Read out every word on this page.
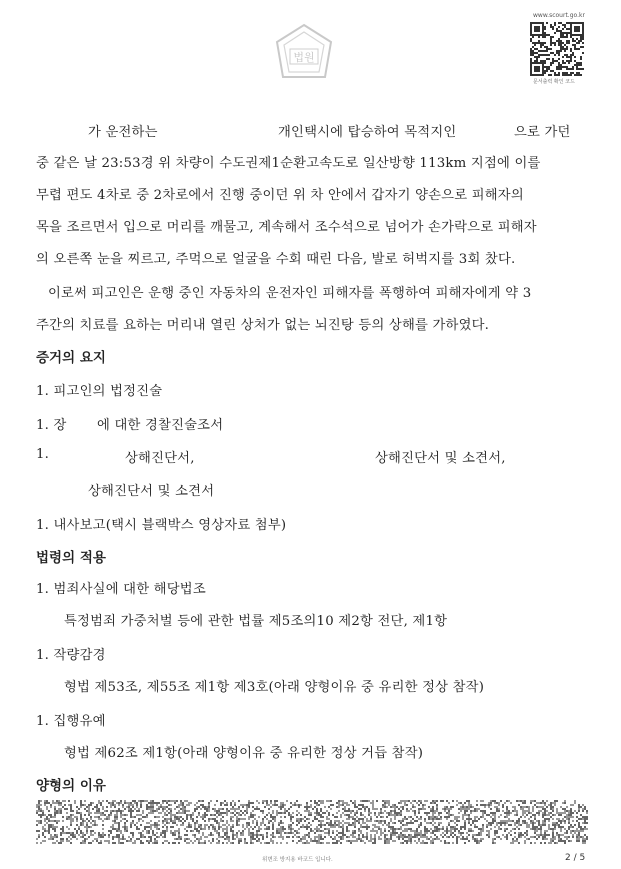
법원
www.scourt.go.kr
문서출력 확인 코드
가 운전하는	개인택시에 탑승하여 목적지인	으로 가던
중 같은 날 23:53경 위 차량이 수도권제1순환고속도로 일산방향 113km 지점에 이를
무렵 편도 4차로 중 2차로에서 진행 중이던 위 차 안에서 갑자기 양손으로 피해자의
목을 조르면서 입으로 머리를 깨물고, 계속해서 조수석으로 넘어가 손가락으로 피해자
의 오른쪽 눈을 찌르고, 주먹으로 얼굴을 수회 때린 다음, 발로 허벅지를 3회 찼다.
이로써 피고인은 운행 중인 자동차의 운전자인 피해자를 폭행하여 피해자에게 약 3
주간의 치료를 요하는 머리내 열린 상처가 없는 뇌진탕 등의 상해를 가하였다.
증거의 요지
1. 피고인의 법정진술
1. 장 에 대한 경찰진술조서
1.	상해진단서,	상해진단서 및 소견서,
상해진단서 및 소견서
1. 내사보고(택시 블랙박스 영상자료 첨부)
법령의 적용
1. 범죄사실에 대한 해당법조
특정범죄 가중처벌 등에 관한 법률 제5조의10 제2항 전단, 제1항
1. 작량감경
형법 제53조, 제55조 제1항 제3호(아래 양형이유 중 유리한 정상 참작)
1. 집행유예
형법 제62조 제1항(아래 양형이유 중 유리한 정상 거듭 참작)
양형의 이유
위변조 방지용 바코드 입니다.	2 / 5
